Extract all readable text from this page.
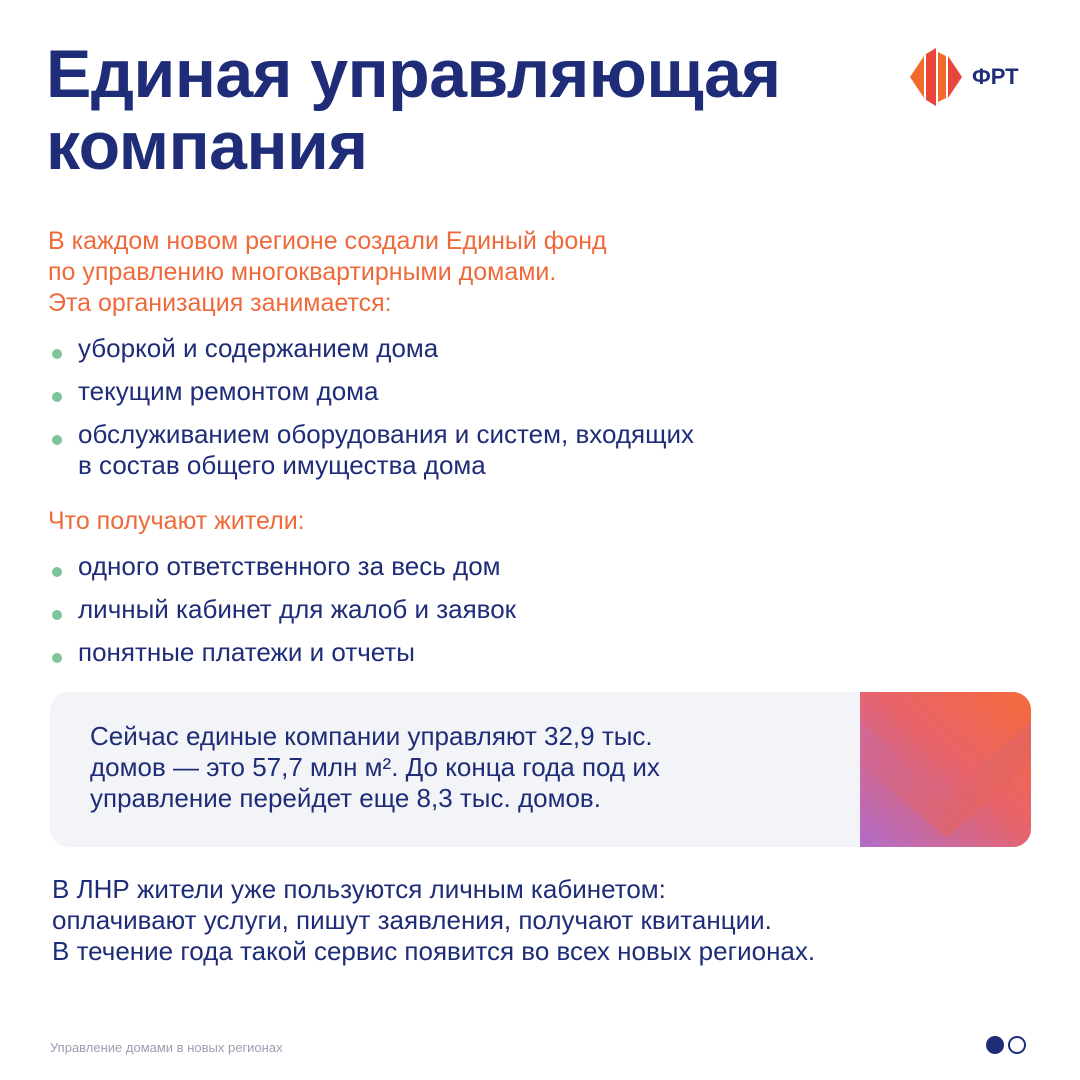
Единая управляющая
компания
ФРТ
В каждом новом регионе создали Единый фонд
по управлению многоквартирными домами.
Эта организация занимается:
уборкой и содержанием дома
текущим ремонтом дома
обслуживанием оборудования и систем, входящих
в состав общего имущества дома
Что получают жители:
одного ответственного за весь дом
личный кабинет для жалоб и заявок
понятные платежи и отчеты
Сейчас единые компании управляют 32,9 тыс.
домов — это 57,7 млн м². До конца года под их
управление перейдет еще 8,3 тыс. домов.
В ЛНР жители уже пользуются личным кабинетом:
оплачивают услуги, пишут заявления, получают квитанции.
В течение года такой сервис появится во всех новых регионах.
Управление домами в новых регионах
